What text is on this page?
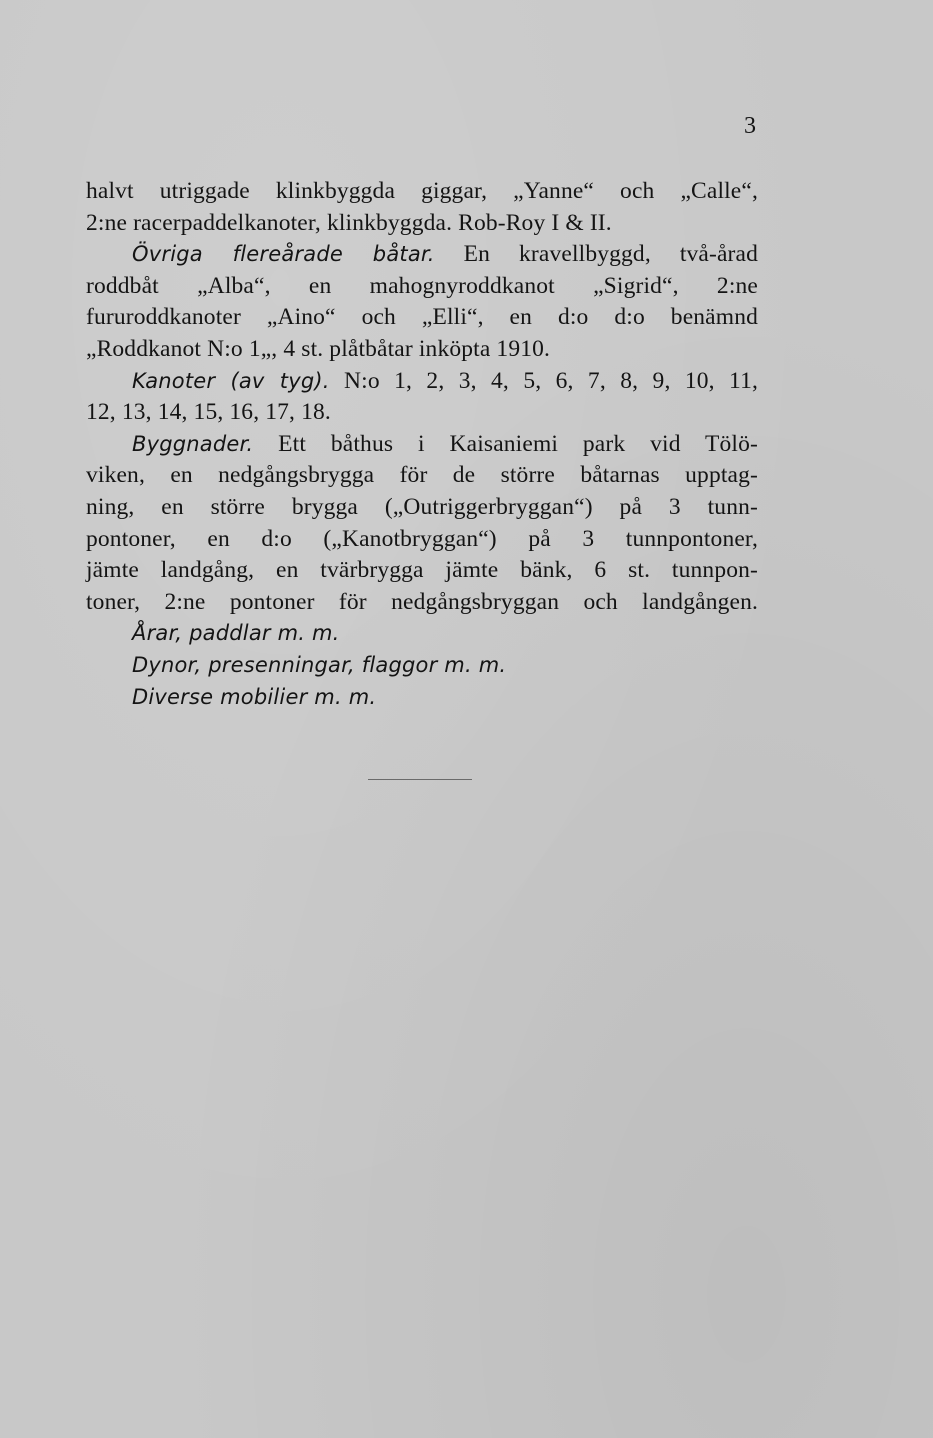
3
halvt utriggade klinkbyggda giggar, „Yanne“ och „Calle“,
2:ne racerpaddelkanoter, klinkbyggda. Rob-Roy I & II.
Övriga flereårade båtar. En kravellbyggd, två-årad
roddbåt „Alba“, en mahognyroddkanot „Sigrid“, 2:ne
fururoddkanoter „Aino“ och „Elli“, en d:o d:o benämnd
„Roddkanot N:o 1„, 4 st. plåtbåtar inköpta 1910.
Kanoter (av tyg). N:o 1, 2, 3, 4, 5, 6, 7, 8, 9, 10, 11,
12, 13, 14, 15, 16, 17, 18.
Byggnader. Ett båthus i Kaisaniemi park vid Tölö-
viken, en nedgångsbrygga för de större båtarnas upptag-
ning, en större brygga („Outriggerbryggan“) på 3 tunn-
pontoner, en d:o („Kanotbryggan“) på 3 tunnpontoner,
jämte landgång, en tvärbrygga jämte bänk, 6 st. tunnpon-
toner, 2:ne pontoner för nedgångsbryggan och landgången.
Årar, paddlar m. m.
Dynor, presenningar, flaggor m. m.
Diverse mobilier m. m.
